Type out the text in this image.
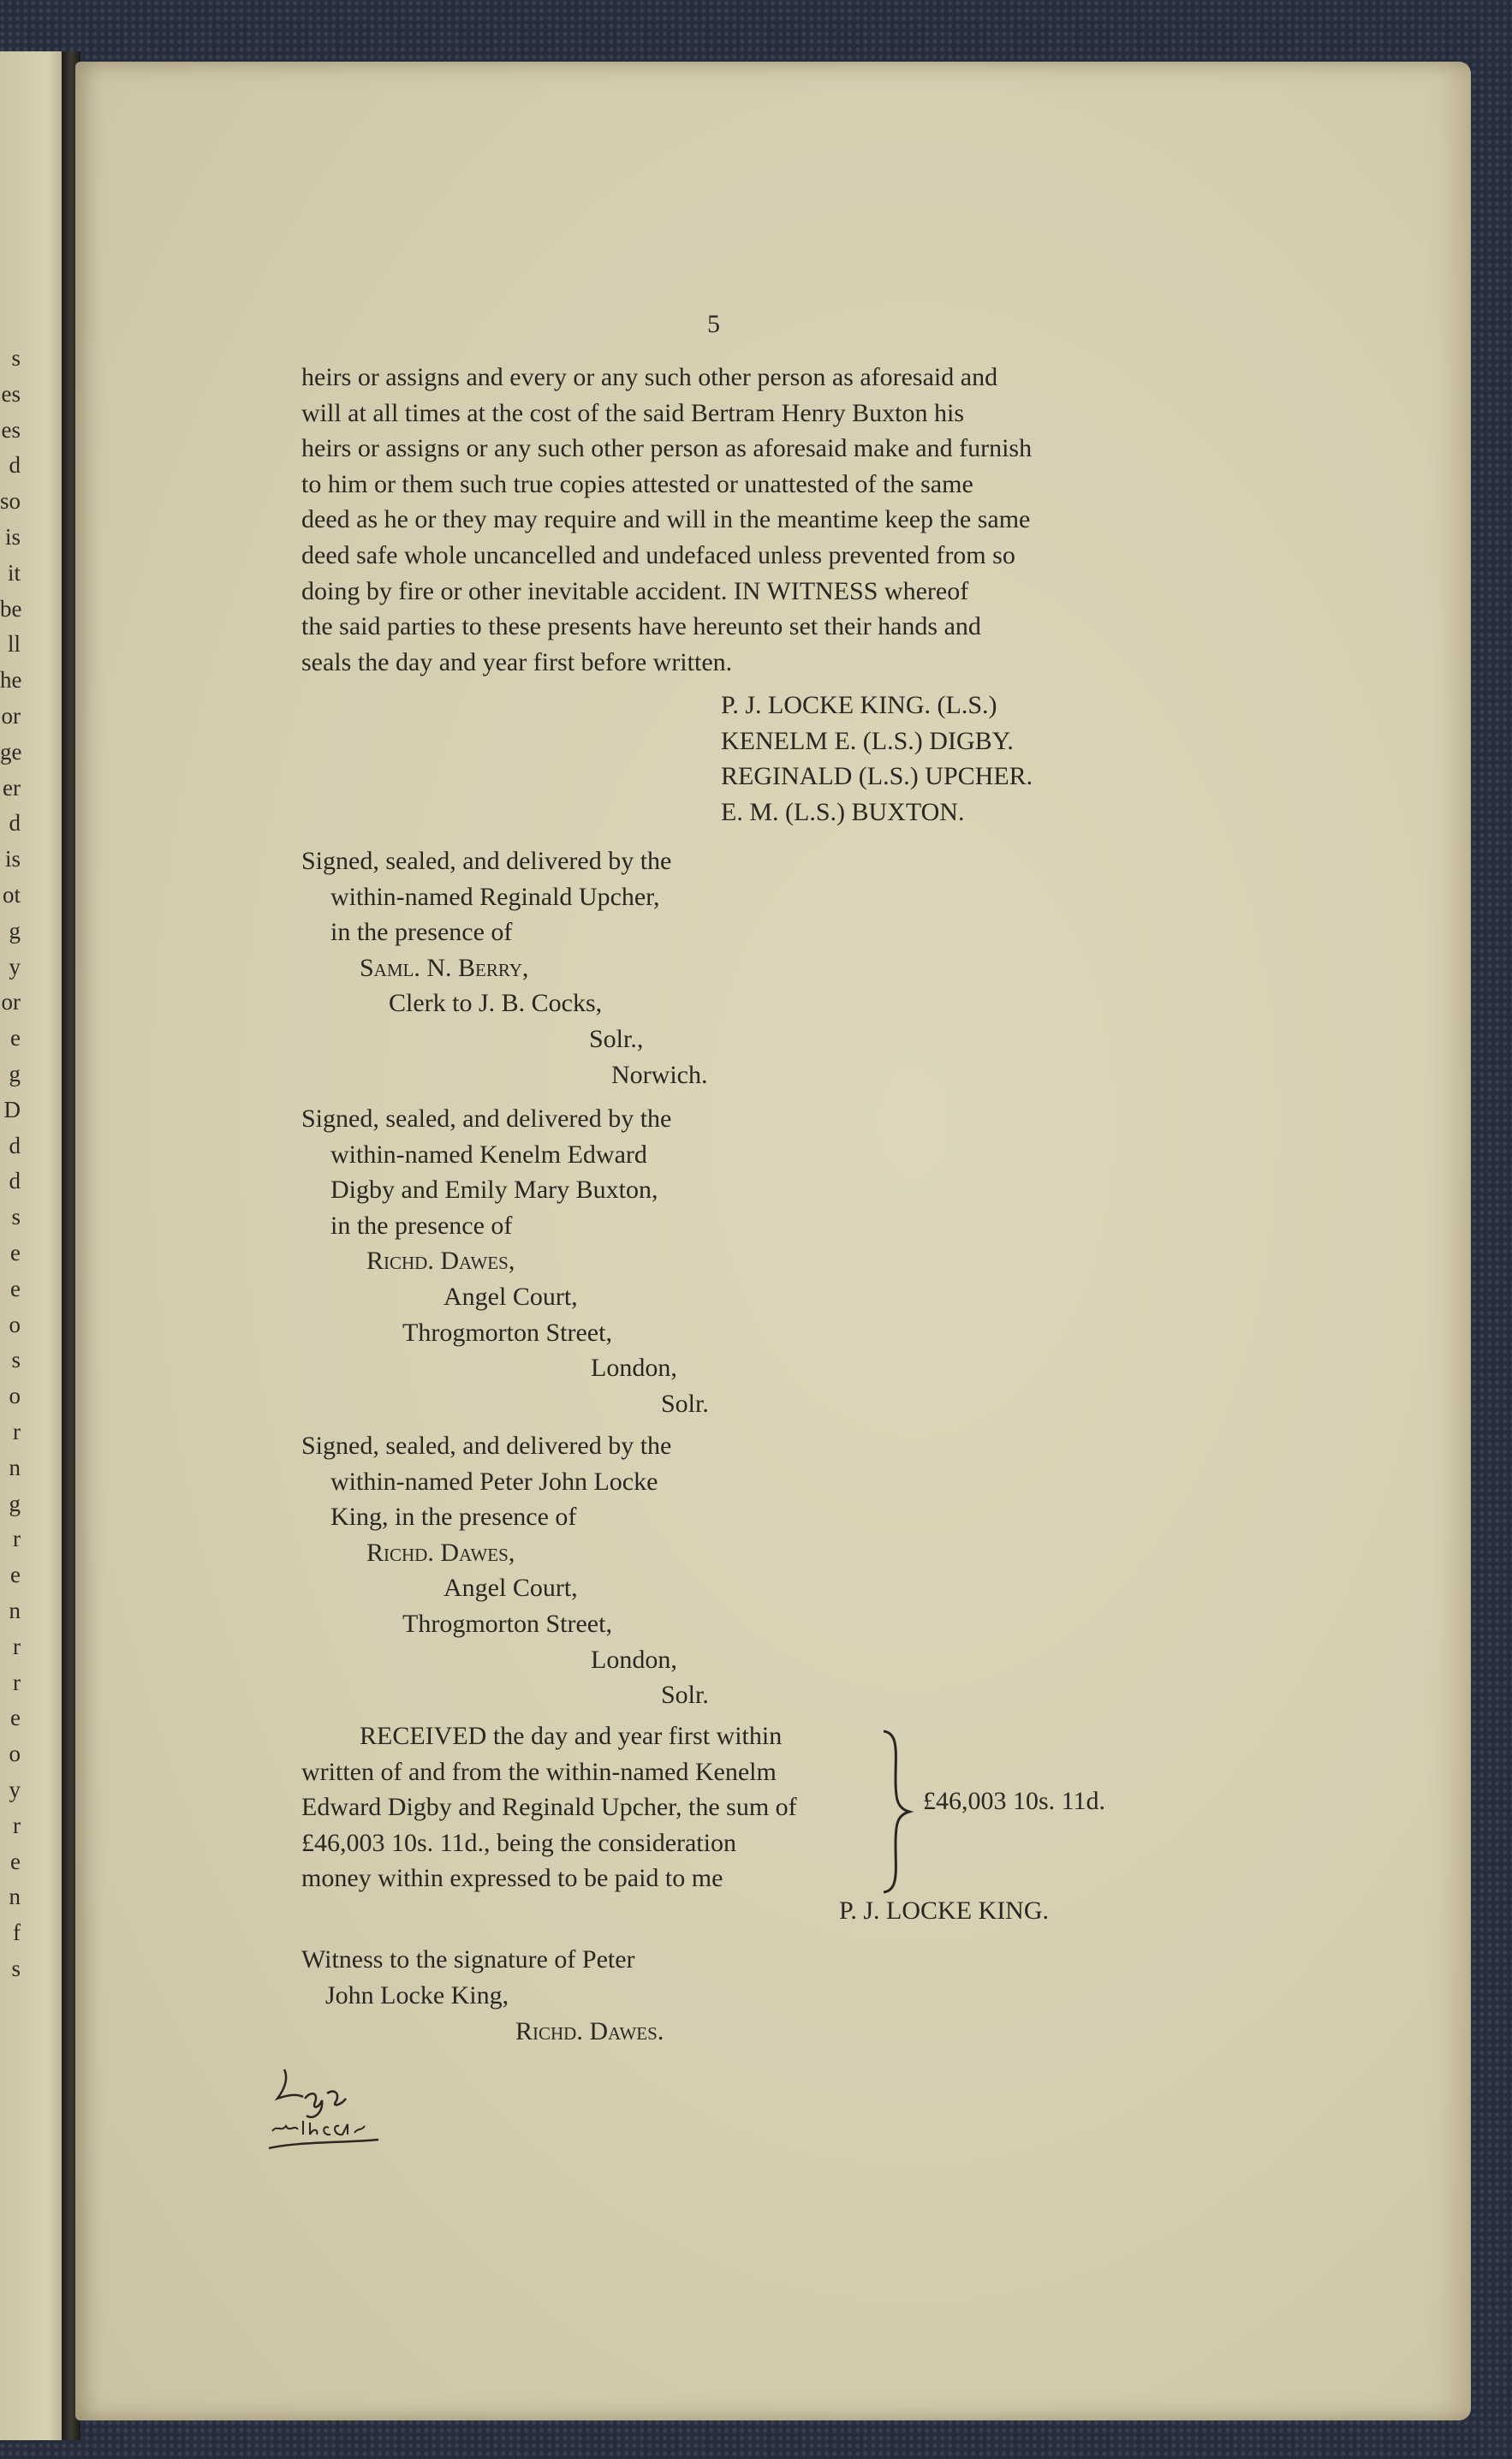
s
es
es
d
so
is
it
be
ll
he
or
ge
er
d
is
ot
g
y
or
e
g
D
d
d
s
e
e
o
s
o
r
n
g
r
e
n
r
r
e
o
y
r
e
n
f
s
5
heirs or assigns and every or any such other person as aforesaid and
will at all times at the cost of the said Bertram Henry Buxton his
heirs or assigns or any such other person as aforesaid make and furnish
to him or them such true copies attested or unattested of the same
deed as he or they may require and will in the meantime keep the same
deed safe whole uncancelled and undefaced unless prevented from so
doing by fire or other inevitable accident. IN WITNESS whereof
the said parties to these presents have hereunto set their hands and
seals the day and year first before written.
P. J. LOCKE KING. (L.S.)
KENELM E. (L.S.) DIGBY.
REGINALD (L.S.) UPCHER.
E. M. (L.S.) BUXTON.
Signed, sealed, and delivered by the
within-named Reginald Upcher,
in the presence of
Saml. N. Berry,
Clerk to J. B. Cocks,
Solr.,
Norwich.
Signed, sealed, and delivered by the
within-named Kenelm Edward
Digby and Emily Mary Buxton,
in the presence of
Richd. Dawes,
Angel Court,
Throgmorton Street,
London,
Solr.
Signed, sealed, and delivered by the
within-named Peter John Locke
King, in the presence of
Richd. Dawes,
Angel Court,
Throgmorton Street,
London,
Solr.
RECEIVED the day and year first within
written of and from the within-named Kenelm
Edward Digby and Reginald Upcher, the sum of
£46,003 10s. 11d., being the consideration
money within expressed to be paid to me
£46,003 10s. 11d.
P. J. LOCKE KING.
Witness to the signature of Peter
John Locke King,
Richd. Dawes.
